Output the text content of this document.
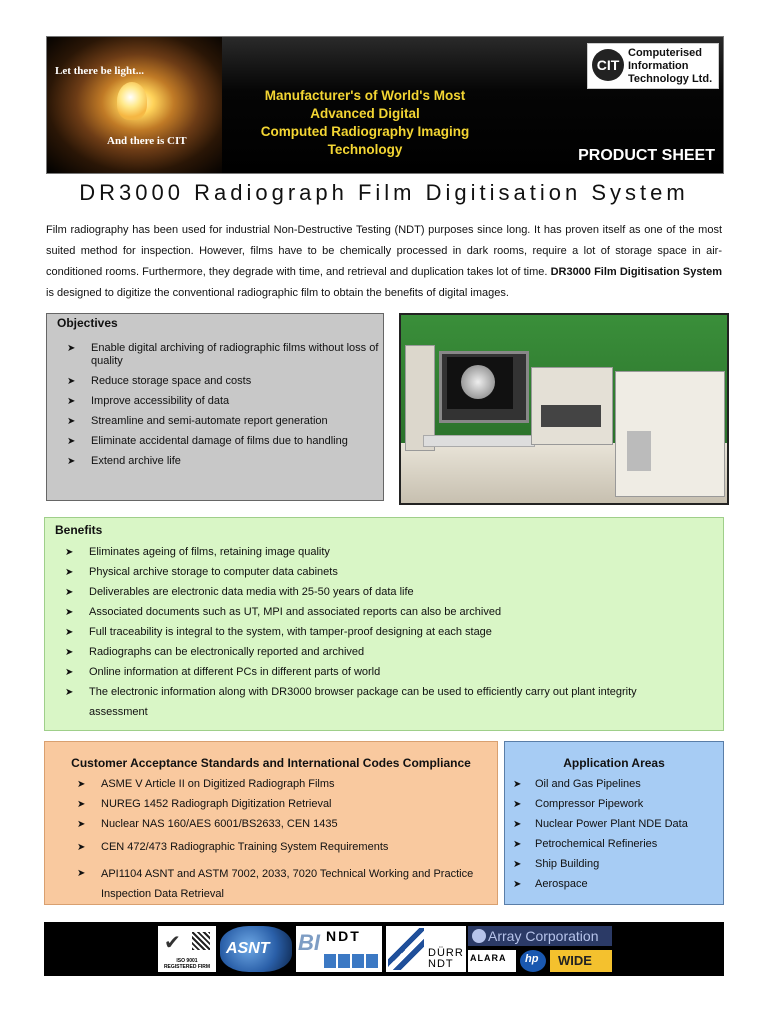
Let there be light...
And there is CIT
Manufacturer's of World's Most Advanced Digital
Computed Radiography Imaging Technology
CIT
Computerised
Information
Technology Ltd.
PRODUCT SHEET
DR3000 Radiograph Film Digitisation System
Film radiography has been used for industrial Non-Destructive Testing (NDT) purposes since long. It has proven itself as one of the most suited method for inspection. However, films have to be chemically processed in dark rooms, require a lot of storage space in air-conditioned rooms. Furthermore, they degrade with time, and retrieval and duplication takes lot of time. DR3000 Film Digitisation System is designed to digitize the conventional radiographic film to obtain the benefits of digital images.

Objectives

➤ Enable digital archiving of radiographic films without loss of quality
➤ Reduce storage space and costs
➤ Improve accessibility of data
➤ Streamline and semi-automate report generation
➤ Eliminate accidental damage of films due to handling
➤ Extend archive life

Benefits

➤ Eliminates ageing of films, retaining image quality
➤ Physical archive storage to computer data cabinets
➤ Deliverables are electronic data media with 25-50 years of data life
➤ Associated documents such as UT, MPI and associated reports can also be archived
➤ Full traceability is integral to the system, with tamper-proof designing at each stage
➤ Radiographs can be electronically reported and archived
➤ Online information at different PCs in different parts of world
➤ The electronic information along with DR3000 browser package can be used to efficiently carry out plant integrity
assessment

Customer Acceptance Standards and International Codes Compliance

➤ ASME V Article II on Digitized Radiograph Films
➤ NUREG 1452 Radiograph Digitization Retrieval
➤ Nuclear NAS 160/AES 6001/BS2633, CEN 1435
➤ CEN 472/473 Radiographic Training System Requirements
➤ API1104 ASNT and ASTM 7002, 2033, 7020 Technical Working and Practice
Inspection Data Retrieval

Application Areas

➤ Oil and Gas Pipelines
➤ Compressor Pipework
➤ Nuclear Power Plant NDE Data
➤ Petrochemical Refineries
➤ Ship Building
➤ Aerospace
✔
ISO 9001
REGISTERED FIRM
ASNT BI NDT
DÜRR
NDT
Array Corporation
ALARA hp WIDE
